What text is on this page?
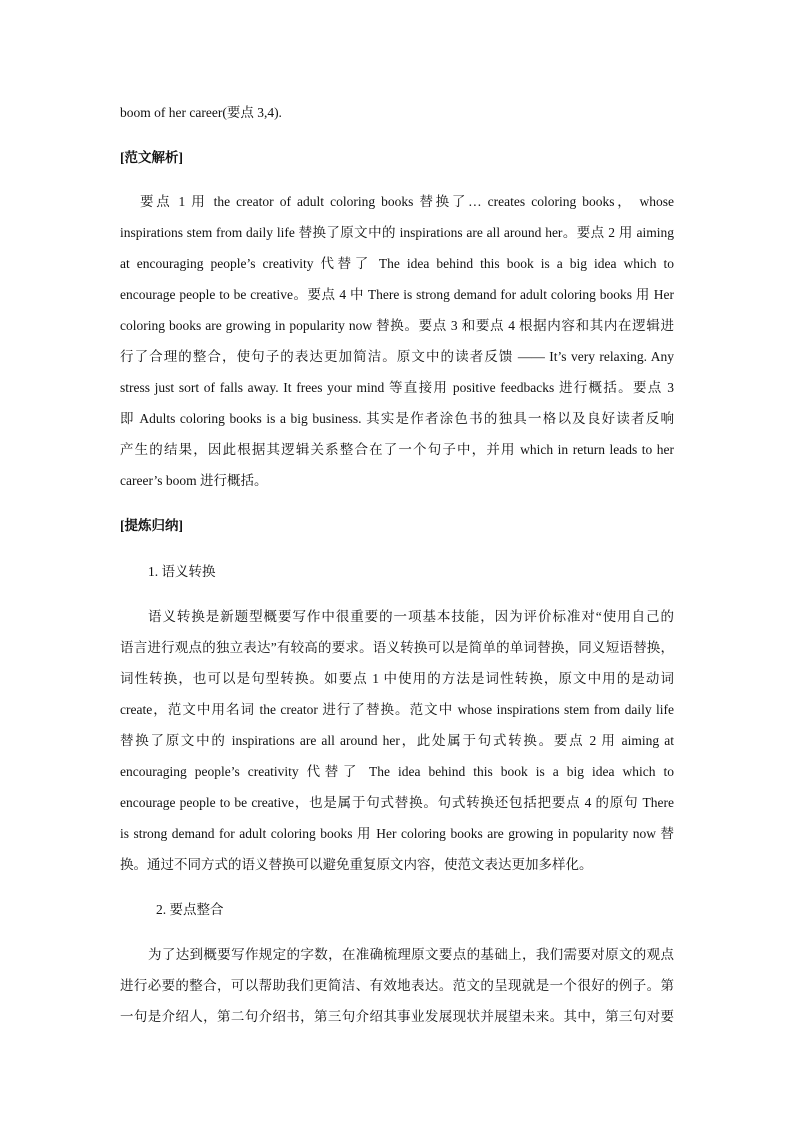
boom of her career(要点 3,4).
[范文解析]
要点 1 用 the creator of adult coloring books 替换了… creates coloring books， whose
inspirations stem from daily life 替换了原文中的 inspirations are all around her。要点 2 用 aiming
at encouraging people’s creativity 代替了 The idea behind this book is a big idea which to
encourage people to be creative。要点 4 中 There is strong demand for adult coloring books 用 Her
coloring books are growing in popularity now 替换。要点 3 和要点 4 根据内容和其内在逻辑进
行了合理的整合，使句子的表达更加简洁。原文中的读者反馈 —— It’s very relaxing. Any
stress just sort of falls away. It frees your mind 等直接用 positive feedbacks 进行概括。要点 3
即 Adults coloring books is a big business. 其实是作者涂色书的独具一格以及良好读者反响
产生的结果，因此根据其逻辑关系整合在了一个句子中，并用 which in return leads to her
career’s boom 进行概括。
[提炼归纳]
1. 语义转换
语义转换是新题型概要写作中很重要的一项基本技能，因为评价标准对“使用自己的
语言进行观点的独立表达”有较高的要求。语义转换可以是简单的单词替换，同义短语替换，
词性转换，也可以是句型转换。如要点 1 中使用的方法是词性转换，原文中用的是动词
create，范文中用名词 the creator 进行了替换。范文中 whose inspirations stem from daily life
替换了原文中的 inspirations are all around her，此处属于句式转换。要点 2 用 aiming at
encouraging people’s creativity 代替了 The idea behind this book is a big idea which to
encourage people to be creative，也是属于句式替换。句式转换还包括把要点 4 的原句 There
is strong demand for adult coloring books 用 Her coloring books are growing in popularity now 替
换。通过不同方式的语义替换可以避免重复原文内容，使范文表达更加多样化。
2. 要点整合
为了达到概要写作规定的字数，在准确梳理原文要点的基础上，我们需要对原文的观点
进行必要的整合，可以帮助我们更简洁、有效地表达。范文的呈现就是一个很好的例子。第
一句是介绍人，第二句介绍书，第三句介绍其事业发展现状并展望未来。其中，第三句对要
